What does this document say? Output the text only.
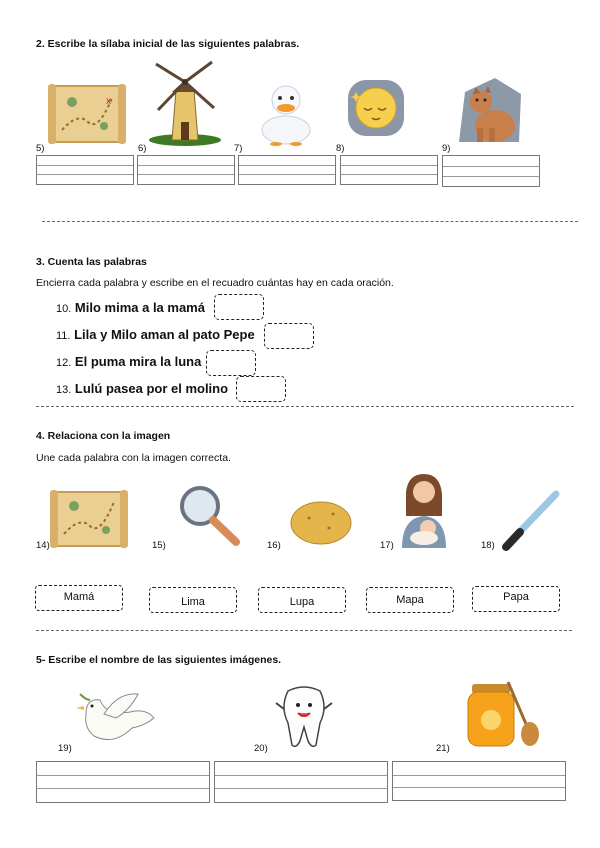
2. Escribe la sílaba inicial de las siguientes palabras.
x
5)	6)	7)	8)	9)
3. Cuenta las palabras
Encierra cada palabra y escribe en el recuadro cuántas hay en cada oración.
10. Milo mima a la mamá
11. Lila y Milo aman al pato Pepe
12. El puma mira la luna
13. Lulú pasea por el molino
4. Relaciona con la imagen
Une cada palabra con la imagen correcta.
14)	15)	16)	17)	18)
Mamá	Lima	Lupa	Mapa	Papa
5- Escribe el nombre de las siguientes imágenes.
19)	20)	21)
